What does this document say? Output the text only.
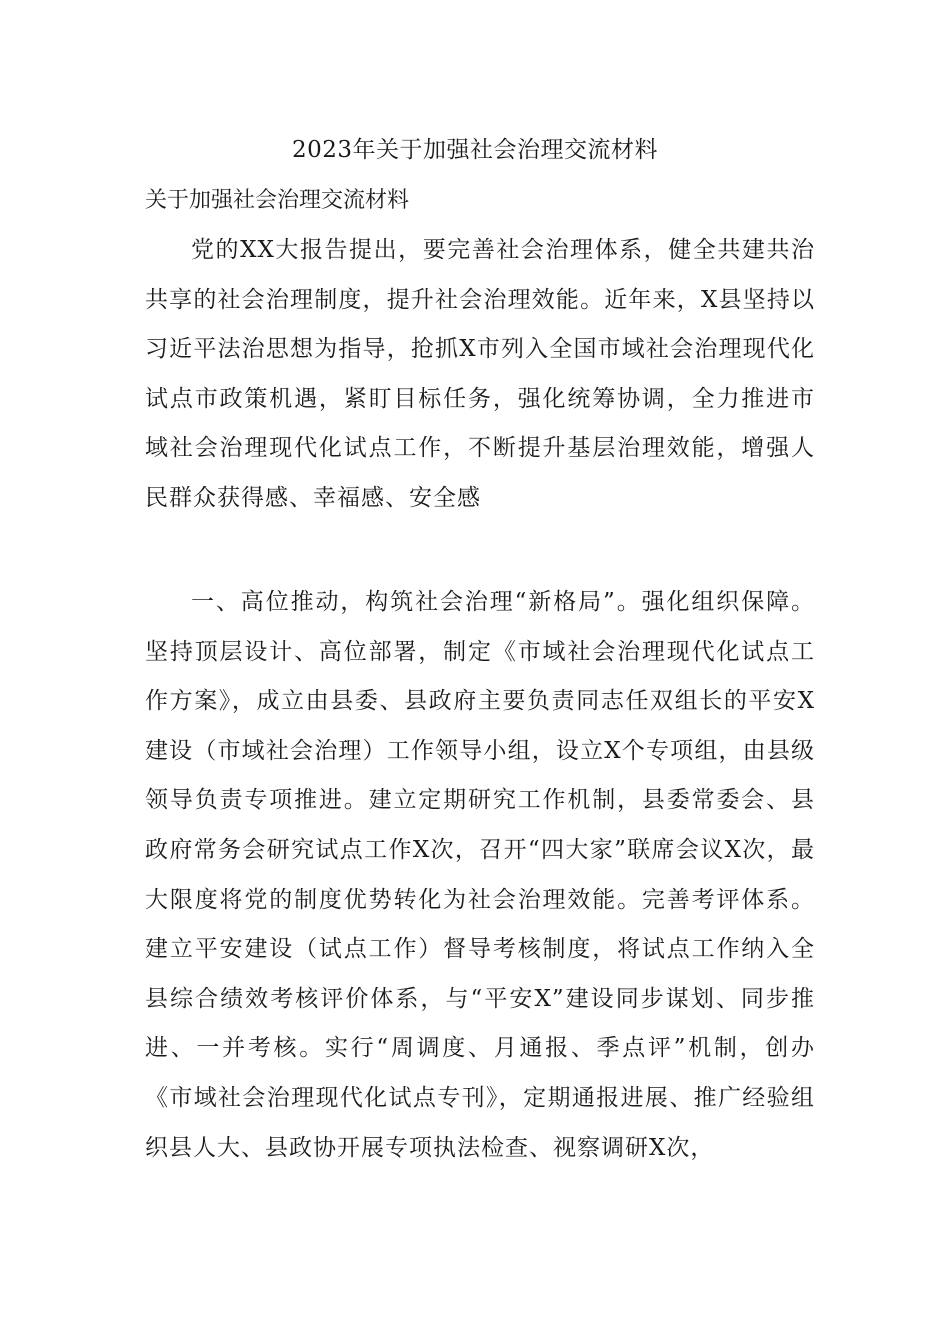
2023年关于加强社会治理交流材料
关于加强社会治理交流材料

党的XX大报告提出，要完善社会治理体系，健全共建共治共享的社会治理制度，提升社会治理效能。近年来，X县坚持以习近平法治思想为指导，抢抓X市列入全国市域社会治理现代化试点市政策机遇，紧盯目标任务，强化统筹协调，全力推进市域社会治理现代化试点工作，不断提升基层治理效能，增强人民群众获得感、幸福感、安全感

一、高位推动，构筑社会治理“新格局”。强化组织保障。坚持顶层设计、高位部署，制定《市域社会治理现代化试点工作方案》，成立由县委、县政府主要负责同志任双组长的平安X建设（市域社会治理）工作领导小组，设立X个专项组，由县级领导负责专项推进。建立定期研究工作机制，县委常委会、县政府常务会研究试点工作X次，召开“四大家”联席会议X次，最大限度将党的制度优势转化为社会治理效能。完善考评体系。建立平安建设（试点工作）督导考核制度，将试点工作纳入全县综合绩效考核评价体系，与“平安X”建设同步谋划、同步推进、一并考核。实行“周调度、月通报、季点评”机制，创办《市域社会治理现代化试点专刊》，定期通报进展、推广经验组织县人大、县政协开展专项执法检查、视察调研X次，
